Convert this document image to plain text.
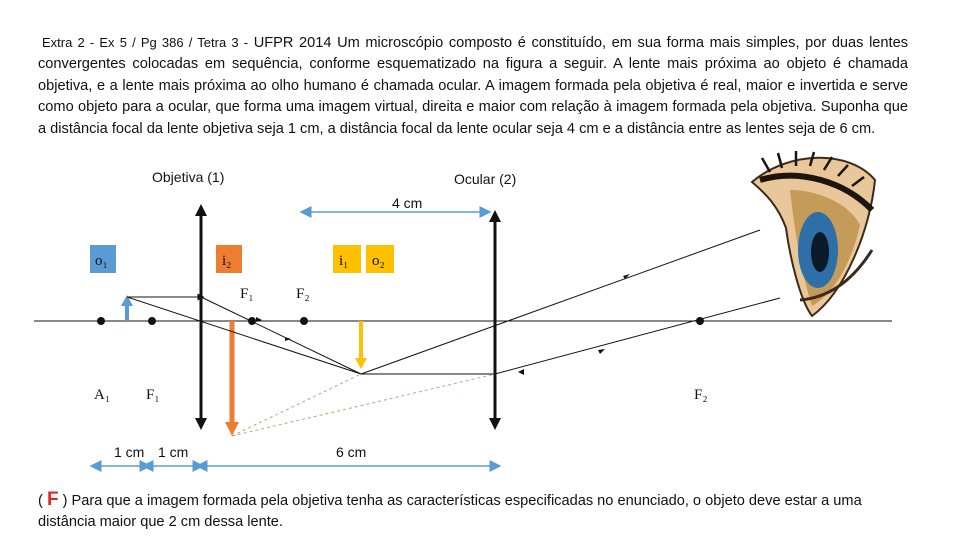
Extra 2 - Ex 5 / Pg 386 / Tetra 3 - UFPR 2014 Um microscópio composto é constituído, em sua forma mais simples, por duas lentes convergentes colocadas em sequência, conforme esquematizado na figura a seguir. A lente mais próxima ao objeto é chamada objetiva, e a lente mais próxima ao olho humano é chamada ocular. A imagem formada pela objetiva é real, maior e invertida e serve como objeto para a ocular, que forma uma imagem virtual, direita e maior com relação à imagem formada pela objetiva. Suponha que a distância focal da lente objetiva seja 1 cm, a distância focal da lente ocular seja 4 cm e a distância entre as lentes seja de 6 cm.
Objetiva (1)	Ocular (2)
4 cm
o₁	i₂	i₁ o₂
F₁	F₂
A₁ F₁	F₂
1 cm 1 cm	6 cm
( F ) Para que a imagem formada pela objetiva tenha as características especificadas no enunciado, o objeto deve estar a uma distância maior que 2 cm dessa lente.
